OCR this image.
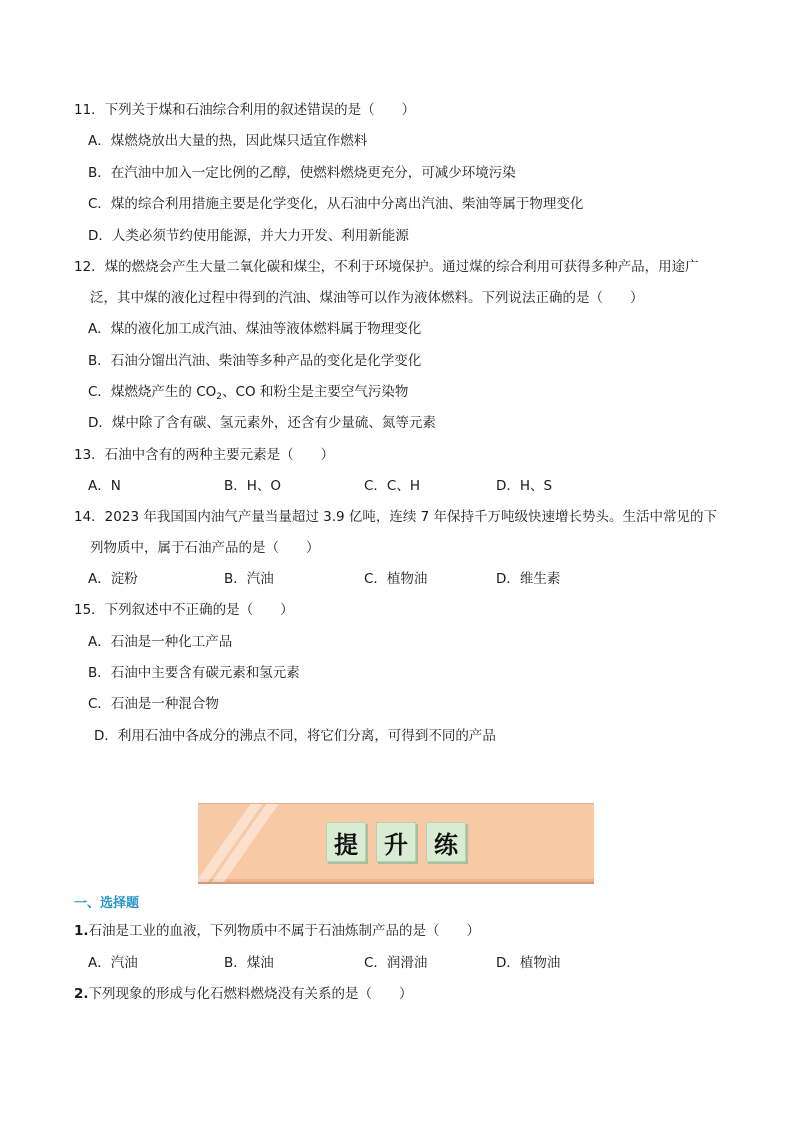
11．下列关于煤和石油综合利用的叙述错误的是（　　）
A．煤燃烧放出大量的热，因此煤只适宜作燃料
B．在汽油中加入一定比例的乙醇，使燃料燃烧更充分，可减少环境污染
C．煤的综合利用措施主要是化学变化，从石油中分离出汽油、柴油等属于物理变化
D．人类必须节约使用能源，并大力开发、利用新能源
12．煤的燃烧会产生大量二氧化碳和煤尘，不利于环境保护。通过煤的综合利用可获得多种产品，用途广
泛，其中煤的液化过程中得到的汽油、煤油等可以作为液体燃料。下列说法正确的是（　　）
A．煤的液化加工成汽油、煤油等液体燃料属于物理变化
B．石油分馏出汽油、柴油等多种产品的变化是化学变化
C．煤燃烧产生的 $CO_2$、CO 和粉尘是主要空气污染物
D．煤中除了含有碳、氢元素外，还含有少量硫、氮等元素
13．石油中含有的两种主要元素是（　　）
A．N	B．H、O	C．C、H	D．H、S
14．2023 年我国国内油气产量当量超过 3.9 亿吨，连续 7 年保持千万吨级快速增长势头。生活中常见的下
列物质中，属于石油产品的是（　　）
A．淀粉	B．汽油	C．植物油	D．维生素
15．下列叙述中不正确的是（　　）
A．石油是一种化工产品
B．石油中主要含有碳元素和氢元素
C．石油是一种混合物
D．利用石油中各成分的沸点不同，将它们分离，可得到不同的产品
提	升	练
一、选择题
1.石油是工业的血液，下列物质中不属于石油炼制产品的是（　　）
A．汽油	B．煤油	C．润滑油	D．植物油
2.下列现象的形成与化石燃料燃烧没有关系的是（　　）
